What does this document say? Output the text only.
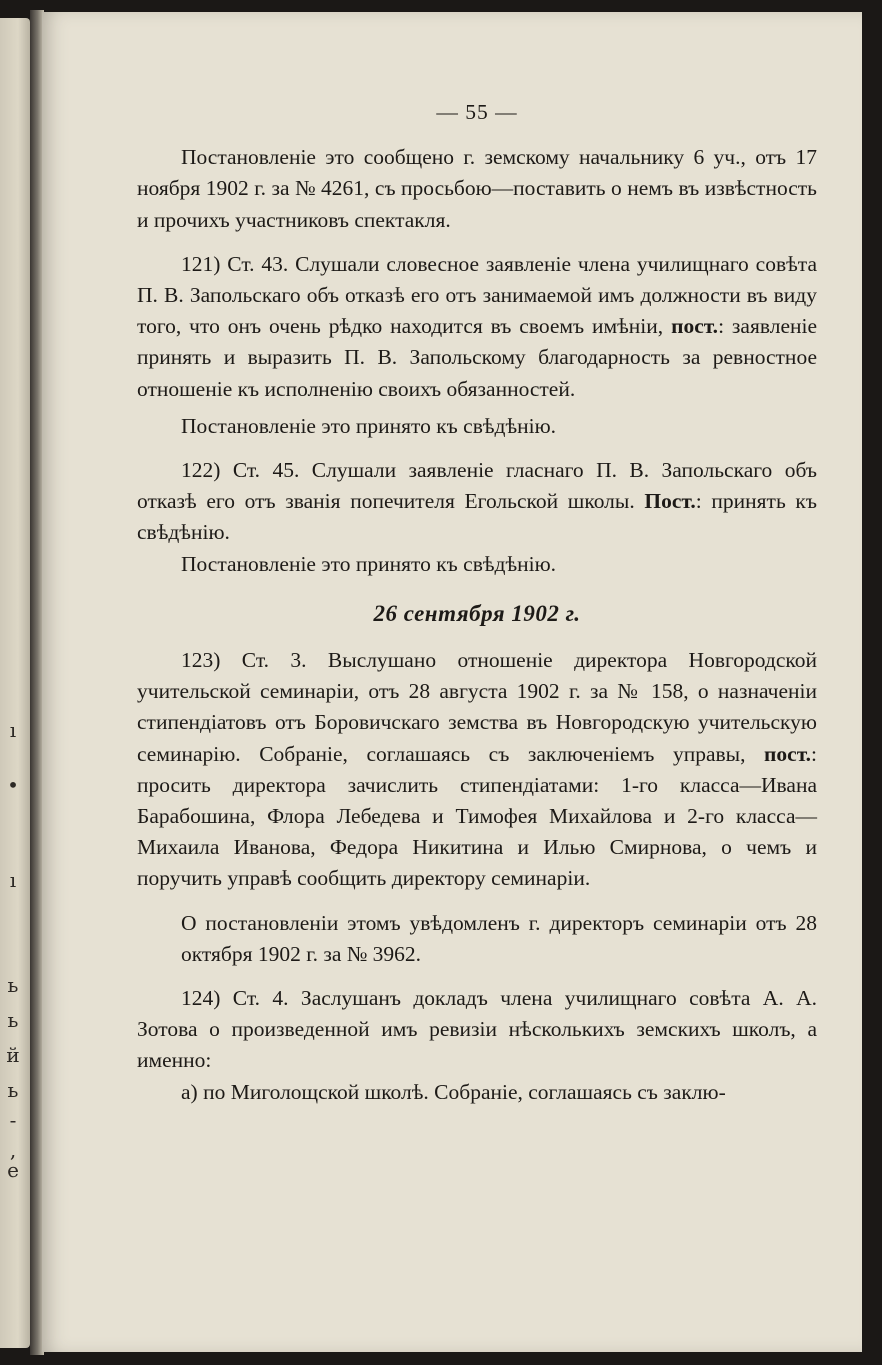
ı
•
ı
ь
ь
й
ь
-
,
е
— 55 —

Постановленіе это сообщено г. земскому начальнику 6 уч., отъ 17 ноября 1902 г. за № 4261, съ просьбою—поставить о немъ въ извѣстность и прочихъ участниковъ спектакля.

121) Ст. 43. Слушали словесное заявленіе члена училищнаго совѣта П. В. Запольскаго объ отказѣ его отъ занимаемой имъ должности въ виду того, что онъ очень рѣдко находится въ своемъ имѣніи, пост.: заявленіе принять и выразить П. В. Запольскому благодарность за ревностное отношеніе къ исполненію своихъ обязанностей.

Постановленіе это принято къ свѣдѣнію.

122) Ст. 45. Слушали заявленіе гласнаго П. В. Запольскаго объ отказѣ его отъ званія попечителя Егольской школы. Пост.: принять къ свѣдѣнію.

Постановленіе это принято къ свѣдѣнію.

26 сентября 1902 г.

123) Ст. 3. Выслушано отношеніе директора Новгородской учительской семинаріи, отъ 28 августа 1902 г. за № 158, о назначеніи стипендіатовъ отъ Боровичскаго земства въ Новгородскую учительскую семинарію. Собраніе, соглашаясь съ заключеніемъ управы, пост.: просить директора зачислить стипендіатами: 1-го класса—Ивана Барабошина, Флора Лебедева и Тимофея Михайлова и 2-го класса—Михаила Иванова, Федора Никитина и Илью Смирнова, о чемъ и поручить управѣ сообщить директору семинаріи.

О постановленіи этомъ увѣдомленъ г. директоръ семинаріи отъ 28 октября 1902 г. за № 3962.

124) Ст. 4. Заслушанъ докладъ члена училищнаго совѣта А. А. Зотова о произведенной имъ ревизіи нѣсколькихъ земскихъ школъ, а именно:

а) по Миголощской школѣ. Собраніе, соглашаясь съ заклю-
